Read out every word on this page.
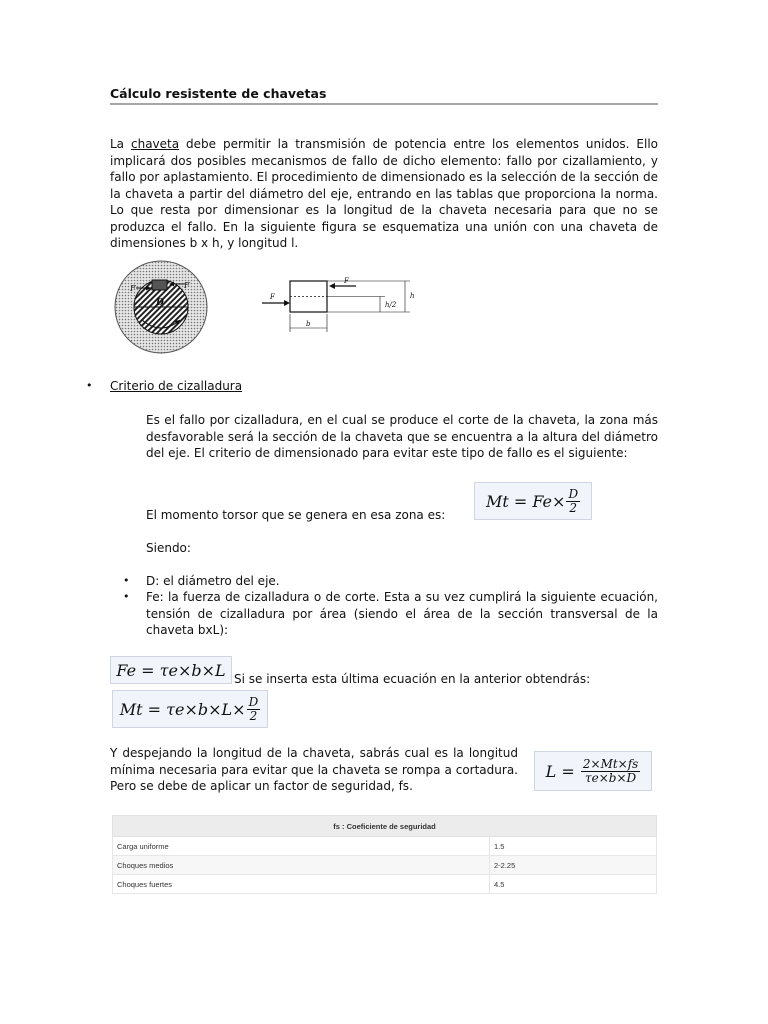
Cálculo resistente de chavetas
La chaveta debe permitir la transmisión de potencia entre los elementos unidos. Ello implicará dos posibles mecanismos de fallo de dicho elemento: fallo por cizallamiento, y fallo por aplastamiento. El procedimiento de dimensionado es la selección de la sección de la chaveta a partir del diámetro del eje, entrando en las tablas que proporciona la norma. Lo que resta por dimensionar es la longitud de la chaveta necesaria para que no se produzca el fallo. En la siguiente figura se esquematiza una unión con una chaveta de dimensiones b x h, y longitud l.
F	F
D
F
F	h
h/2
b
• Criterio de cizalladura
Es el fallo por cizalladura, en el cual se produce el corte de la chaveta, la zona más desfavorable será la sección de la chaveta que se encuentra a la altura del diámetro del eje. El criterio de dimensionado para evitar este tipo de fallo es el siguiente:
El momento torsor que se genera en esa zona es:
$Mt = Fe\times \frac{D}{2}$
Siendo:
• D: el diámetro del eje.
• Fe: la fuerza de cizalladura o de corte. Esta a su vez cumplirá la siguiente ecuación, tensión de cizalladura por área (siendo el área de la sección transversal de la chaveta bxL):
Fe = τe×b×L Si se inserta esta última ecuación en la anterior obtendrás:
$Mt = \tau e\times b\times L\times \frac{D}{2}$
Y despejando la longitud de la chaveta, sabrás cual es la longitud mínima necesaria para evitar que la chaveta se rompa a cortadura. Pero se debe de aplicar un factor de seguridad, fs.
$L = \frac{2\times Mt\times fs}{\tau e\times b\times D}$
fs : Coeficiente de seguridad	
Carga uniforme	1.5
Choques medios	2-2.25
Choques fuertes	4.5
